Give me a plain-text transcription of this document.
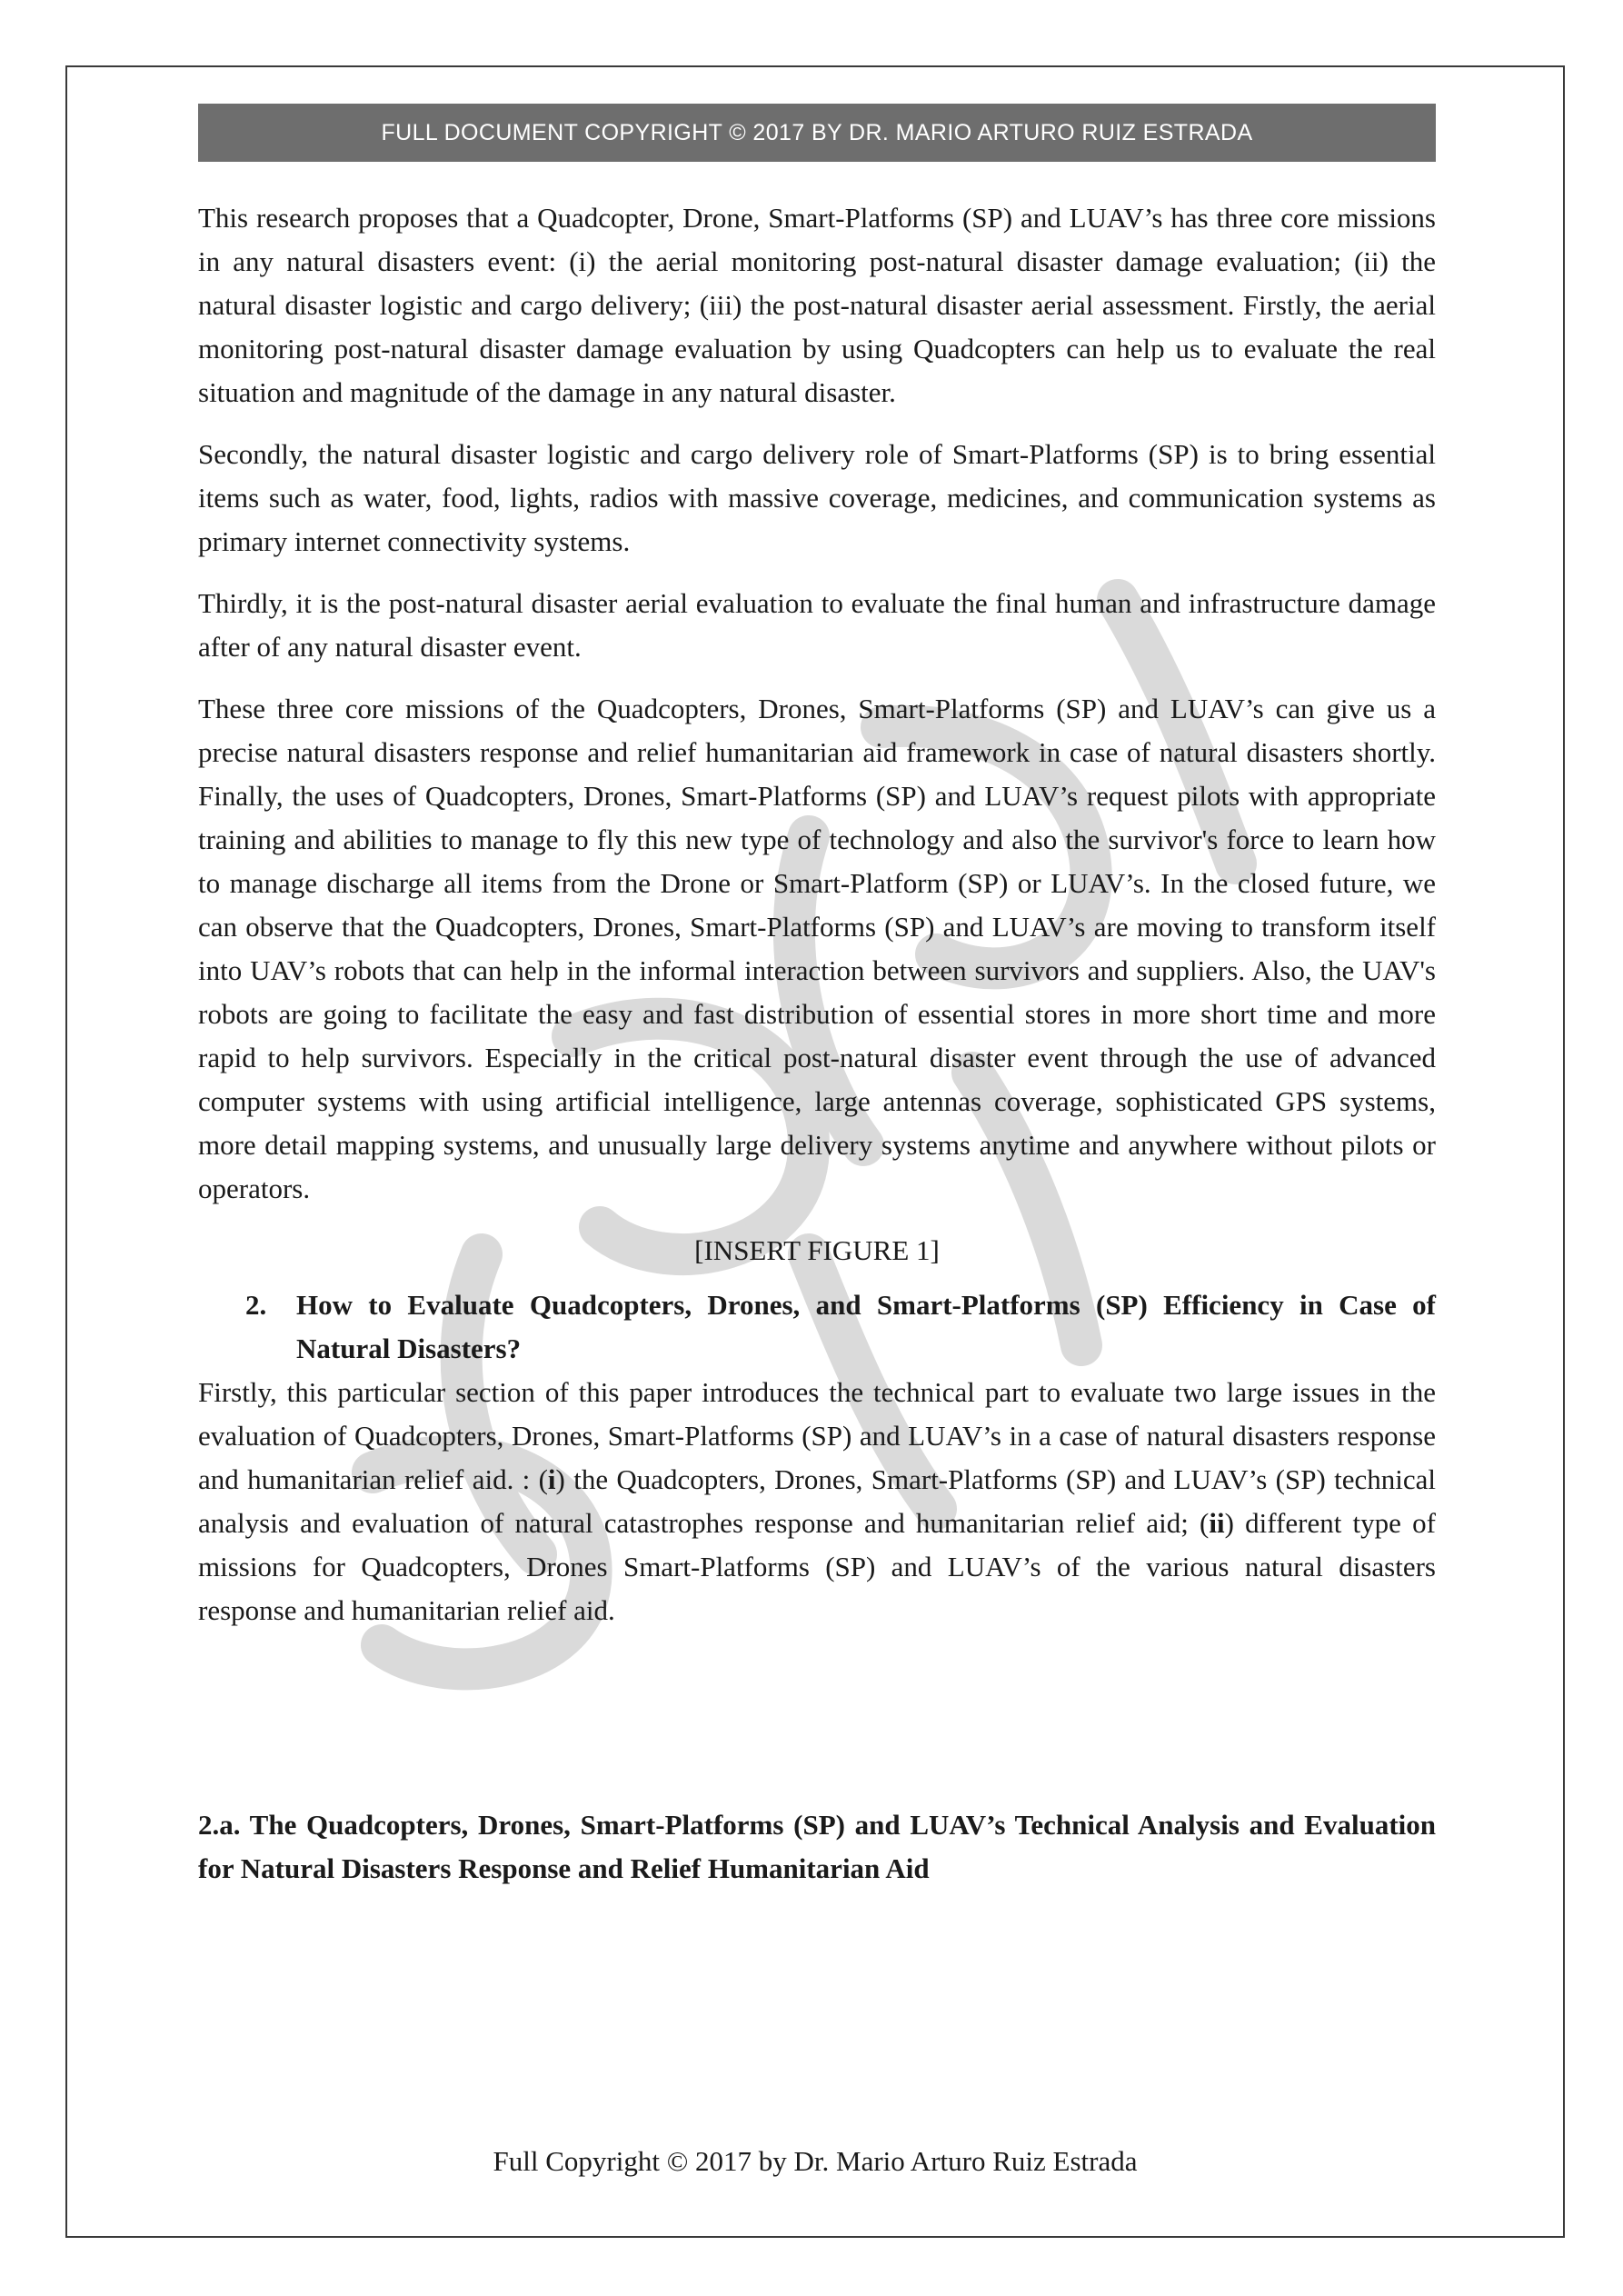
FULL DOCUMENT COPYRIGHT © 2017 BY DR. MARIO ARTURO RUIZ ESTRADA

This research proposes that a Quadcopter, Drone, Smart-Platforms (SP) and LUAV’s has three core missions in any natural disasters event: (i) the aerial monitoring post-natural disaster damage evaluation; (ii) the natural disaster logistic and cargo delivery; (iii) the post-natural disaster aerial assessment. Firstly, the aerial monitoring post-natural disaster damage evaluation by using Quadcopters can help us to evaluate the real situation and magnitude of the damage in any natural disaster.

Secondly, the natural disaster logistic and cargo delivery role of Smart-Platforms (SP) is to bring essential items such as water, food, lights, radios with massive coverage, medicines, and communication systems as primary internet connectivity systems.

Thirdly, it is the post-natural disaster aerial evaluation to evaluate the final human and infrastructure damage after of any natural disaster event.

These three core missions of the Quadcopters, Drones, Smart-Platforms (SP) and LUAV’s can give us a precise natural disasters response and relief humanitarian aid framework in case of natural disasters shortly. Finally, the uses of Quadcopters, Drones, Smart-Platforms (SP) and LUAV’s request pilots with appropriate training and abilities to manage to fly this new type of technology and also the survivor's force to learn how to manage discharge all items from the Drone or Smart-Platform (SP) or LUAV’s. In the closed future, we can observe that the Quadcopters, Drones, Smart-Platforms (SP) and LUAV’s are moving to transform itself into UAV’s robots that can help in the informal interaction between survivors and suppliers. Also, the UAV's robots are going to facilitate the easy and fast distribution of essential stores in more short time and more rapid to help survivors. Especially in the critical post-natural disaster event through the use of advanced computer systems with using artificial intelligence, large antennas coverage, sophisticated GPS systems, more detail mapping systems, and unusually large delivery systems anytime and anywhere without pilots or operators.

[INSERT FIGURE 1]

2.	How to Evaluate Quadcopters, Drones, and Smart-Platforms (SP) Efficiency in Case of Natural Disasters?

Firstly, this particular section of this paper introduces the technical part to evaluate two large issues in the evaluation of Quadcopters, Drones, Smart-Platforms (SP) and LUAV’s in a case of natural disasters response and humanitarian relief aid. : (i) the Quadcopters, Drones, Smart-Platforms (SP) and LUAV’s (SP) technical analysis and evaluation of natural catastrophes response and humanitarian relief aid; (ii) different type of missions for Quadcopters, Drones Smart-Platforms (SP) and LUAV’s of the various natural disasters response and humanitarian relief aid.

2.a. The Quadcopters, Drones, Smart-Platforms (SP) and LUAV’s Technical Analysis and Evaluation for Natural Disasters Response and Relief Humanitarian Aid
Full Copyright © 2017 by Dr. Mario Arturo Ruiz Estrada
